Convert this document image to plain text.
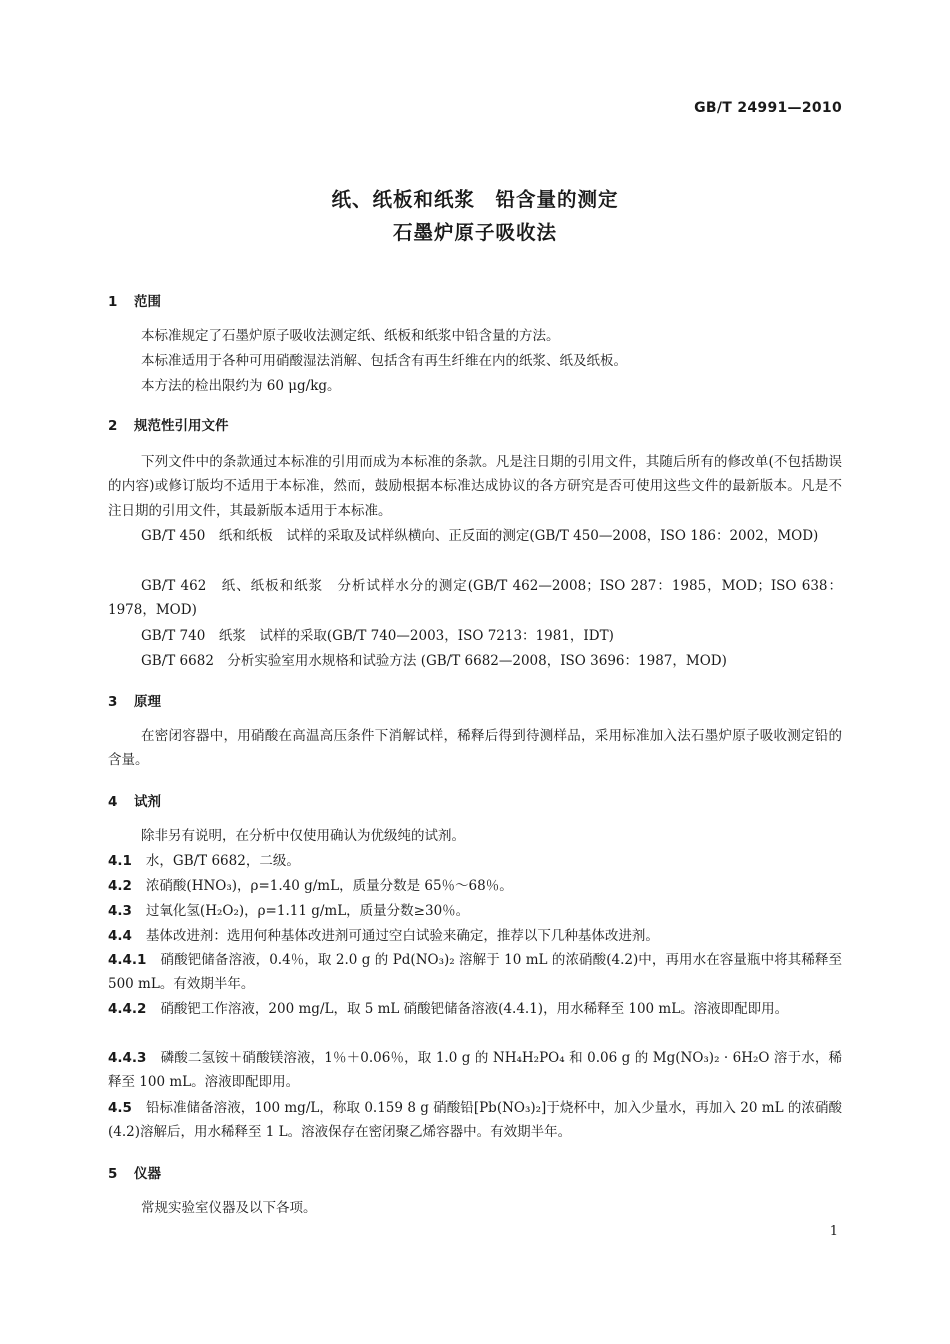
GB/T 24991—2010
纸、纸板和纸浆　铅含量的测定
石墨炉原子吸收法
1 范围
本标准规定了石墨炉原子吸收法测定纸、纸板和纸浆中铅含量的方法。
本标准适用于各种可用硝酸湿法消解、包括含有再生纤维在内的纸浆、纸及纸板。
本方法的检出限约为 60 μg/kg。
2 规范性引用文件
下列文件中的条款通过本标准的引用而成为本标准的条款。凡是注日期的引用文件，其随后所有的修改单(不包括勘误的内容)或修订版均不适用于本标准，然而，鼓励根据本标准达成协议的各方研究是否可使用这些文件的最新版本。凡是不注日期的引用文件，其最新版本适用于本标准。
GB/T 450　纸和纸板　试样的采取及试样纵横向、正反面的测定(GB/T 450—2008，ISO 186：2002，MOD)
GB/T 462　纸、纸板和纸浆　分析试样水分的测定(GB/T 462—2008；ISO 287：1985，MOD；ISO 638：1978，MOD)
GB/T 740　纸浆　试样的采取(GB/T 740—2003，ISO 7213：1981，IDT)
GB/T 6682　分析实验室用水规格和试验方法 (GB/T 6682—2008，ISO 3696：1987，MOD)
3 原理
在密闭容器中，用硝酸在高温高压条件下消解试样，稀释后得到待测样品，采用标准加入法石墨炉原子吸收测定铅的含量。
4 试剂
除非另有说明，在分析中仅使用确认为优级纯的试剂。
4.1 水，GB/T 6682，二级。
4.2 浓硝酸(HNO₃)，ρ=1.40 g/mL，质量分数是 65％～68％。
4.3 过氧化氢(H₂O₂)，ρ=1.11 g/mL，质量分数≥30％。
4.4 基体改进剂：选用何种基体改进剂可通过空白试验来确定，推荐以下几种基体改进剂。
4.4.1 硝酸钯储备溶液，0.4％，取 2.0 g 的 Pd(NO₃)₂ 溶解于 10 mL 的浓硝酸(4.2)中，再用水在容量瓶中将其稀释至 500 mL。有效期半年。
4.4.2 硝酸钯工作溶液，200 mg/L，取 5 mL 硝酸钯储备溶液(4.4.1)，用水稀释至 100 mL。溶液即配即用。
4.4.3 磷酸二氢铵＋硝酸镁溶液，1％＋0.06％，取 1.0 g 的 NH₄H₂PO₄ 和 0.06 g 的 Mg(NO₃)₂ · 6H₂O 溶于水，稀释至 100 mL。溶液即配即用。
4.5 铅标准储备溶液，100 mg/L，称取 0.159 8 g 硝酸铅[Pb(NO₃)₂]于烧杯中，加入少量水，再加入 20 mL 的浓硝酸(4.2)溶解后，用水稀释至 1 L。溶液保存在密闭聚乙烯容器中。有效期半年。
5 仪器
常规实验室仪器及以下各项。
1
